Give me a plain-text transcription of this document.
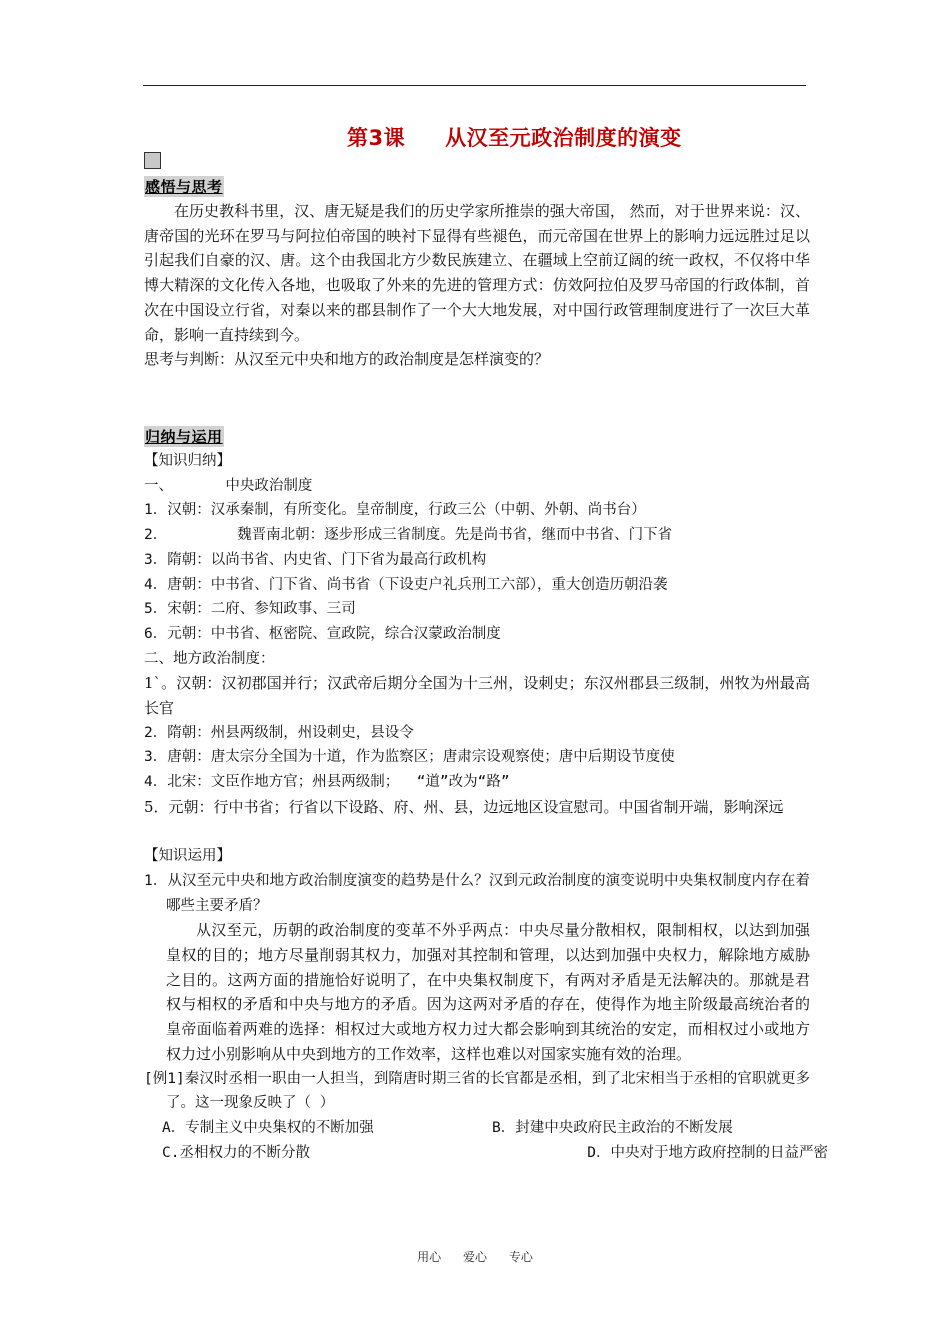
第3课 从汉至元政治制度的演变
感悟与思考

在历史教科书里，汉、唐无疑是我们的历史学家所推崇的强大帝国， 然而，对于世界来说：汉、唐帝国的光环在罗马与阿拉伯帝国的映衬下显得有些褪色，而元帝国在世界上的影响力远远胜过足以引起我们自豪的汉、唐。这个由我国北方少数民族建立、在疆域上空前辽阔的统一政权，不仅将中华博大精深的文化传入各地，也吸取了外来的先进的管理方式：仿效阿拉伯及罗马帝国的行政体制，首次在中国设立行省，对秦以来的郡县制作了一个大大地发展，对中国行政管理制度进行了一次巨大革命，影响一直持续到今。

思考与判断：从汉至元中央和地方的政治制度是怎样演变的？

归纳与运用

【知识归纳】

一、      中央政治制度

1．汉朝：汉承秦制，有所变化。皇帝制度，行政三公（中朝、外朝、尚书台）

2．        魏晋南北朝：逐步形成三省制度。先是尚书省，继而中书省、门下省

3．隋朝：以尚书省、内史省、门下省为最高行政机构

4．唐朝：中书省、门下省、尚书省（下设吏户礼兵刑工六部），重大创造历朝沿袭

5．宋朝：二府、参知政事、三司

6．元朝：中书省、枢密院、宣政院，综合汉蒙政治制度

二、地方政治制度：

1`。汉朝：汉初郡国并行；汉武帝后期分全国为十三州，设刺史；东汉州郡县三级制，州牧为州最高长官

2．隋朝：州县两级制，州设刺史，县设令

3．唐朝：唐太宗分全国为十道，作为监察区；唐肃宗设观察使；唐中后期设节度使

4．北宋：文臣作地方官；州县两级制；  “道”改为“路”

5．元朝：行中书省；行省以下设路、府、州、县，边远地区设宣慰司。中国省制开端，影响深远

【知识运用】

1．从汉至元中央和地方政治制度演变的趋势是什么？汉到元政治制度的演变说明中央集权制度内存在着哪些主要矛盾？

从汉至元，历朝的政治制度的变革不外乎两点：中央尽量分散相权，限制相权，以达到加强皇权的目的；地方尽量削弱其权力，加强对其控制和管理，以达到加强中央权力，解除地方威胁之目的。这两方面的措施恰好说明了，在中央集权制度下，有两对矛盾是无法解决的。那就是君权与相权的矛盾和中央与地方的矛盾。因为这两对矛盾的存在，使得作为地主阶级最高统治者的皇帝面临着两难的选择：相权过大或地方权力过大都会影响到其统治的安定，而相权过小或地方权力过小别影响从中央到地方的工作效率，这样也难以对国家实施有效的治理。

[例1]秦汉时丞相一职由一人担当，到隋唐时期三省的长官都是丞相，到了北宋相当于丞相的官职就更多了。这一现象反映了（ ）

A．专制主义中央集权的不断加强	B．封建中央政府民主政治的不断发展
C.丞相权力的不断分散	D．中央对于地方政府控制的日益严密
用心 爱心 专心
